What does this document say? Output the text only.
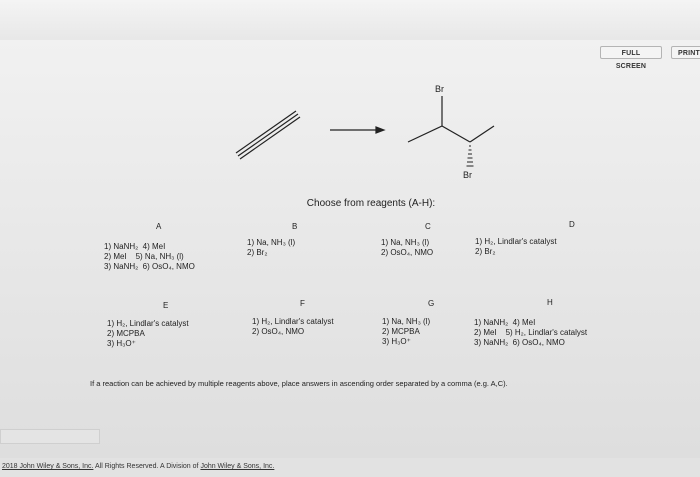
FULL SCREEN
PRINT
Br
Br
Choose from reagents (A-H):
A
1) NaNH₂  4) MeI
2) MeI    5) Na, NH₃ (l)
3) NaNH₂  6) OsO₄, NMO
B
1) Na, NH₃ (l)
2) Br₂
C
1) Na, NH₃ (l)
2) OsO₄, NMO
D
1) H₂, Lindlar's catalyst
2) Br₂
E
1) H₂, Lindlar's catalyst
2) MCPBA
3) H₃O⁺
F
1) H₂, Lindlar's catalyst
2) OsO₄, NMO
G
1) Na, NH₃ (l)
2) MCPBA
3) H₃O⁺
H
1) NaNH₂  4) MeI
2) MeI    5) H₂, Lindlar's catalyst
3) NaNH₂  6) OsO₄, NMO
If a reaction can be achieved by multiple reagents above, place answers in ascending order separated by a comma (e.g. A,C).
2018 John Wiley & Sons, Inc. All Rights Reserved. A Division of John Wiley & Sons, Inc.
